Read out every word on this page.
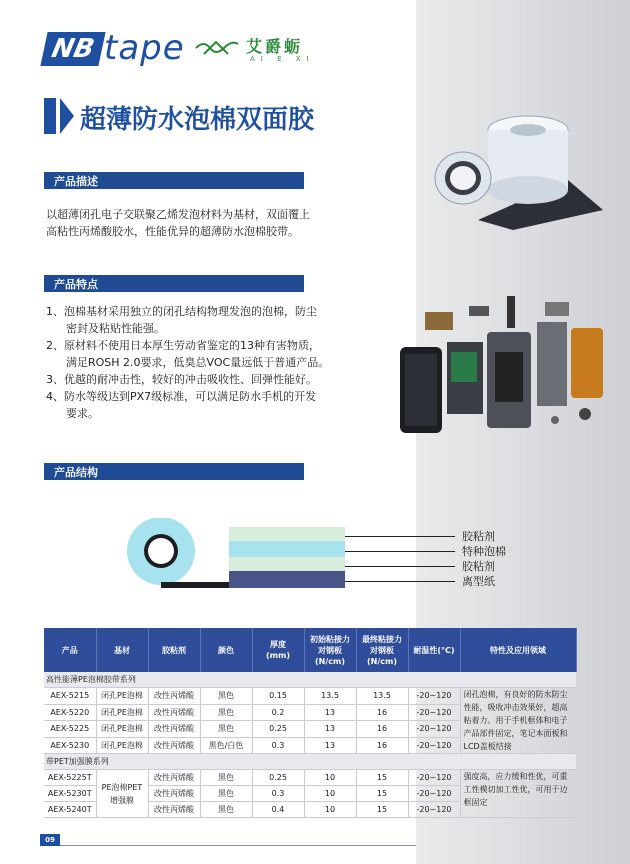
NB tape	艾爵蛎
AI E XI
超薄防水泡棉双面胶
产品描述
以超薄闭孔电子交联聚乙烯发泡材料为基材，双面覆上
高粘性丙烯酸胶水，性能优异的超薄防水泡棉胶带。
产品特点
1、泡棉基材采用独立的闭孔结构物理发泡的泡棉，防尘
密封及粘贴性能强。
2、原材料不使用日本厚生劳动省鉴定的13种有害物质，
满足ROSH 2.0要求，低臭总VOC量远低于普通产品。
3、优越的耐冲击性，较好的冲击吸收性、回弹性能好。
4、防水等级达到PX7级标准，可以满足防水手机的开发
要求。
产品结构
胶粘剂
特种泡棉
胶粘剂
离型纸
产品	基材	胶粘剂	颜色	厚度
(mm)	初始粘接力
对钢板
(N/cm)	最终粘接力
对钢板
(N/cm)	耐温性(°C)	特性及应用领域
高性能薄PE泡棉胶带系列								
AEX-5215	闭孔PE泡棉	改性丙烯酸	黑色	0.15	13.5	13.5	-20~120	闭孔泡棉，有良好的防水防尘性能，吸收冲击效果好，超高粘着力。用于手机框体和电子产品部件固定，笔记本面板和LCD盖板结接
AEX-5220	闭孔PE泡棉	改性丙烯酸	黑色	0.2	13	16	-20~120	
AEX-5225	闭孔PE泡棉	改性丙烯酸	黑色	0.25	13	16	-20~120	
AEX-5230	闭孔PE泡棉	改性丙烯酸	黑色/白色	0.3	13	16	-20~120	
带PET加强膜系列								
AEX-5225T	PE泡棉PET增强膜	改性丙烯酸	黑色	0.25	10	15	-20~120	强度高，应力缓和性优，可重工性模切加工性优，可用于边框固定
AEX-5230T		改性丙烯酸	黑色	0.3	10	15	-20~120	
AEX-5240T		改性丙烯酸	黑色	0.4	10	15	-20~120	
09
